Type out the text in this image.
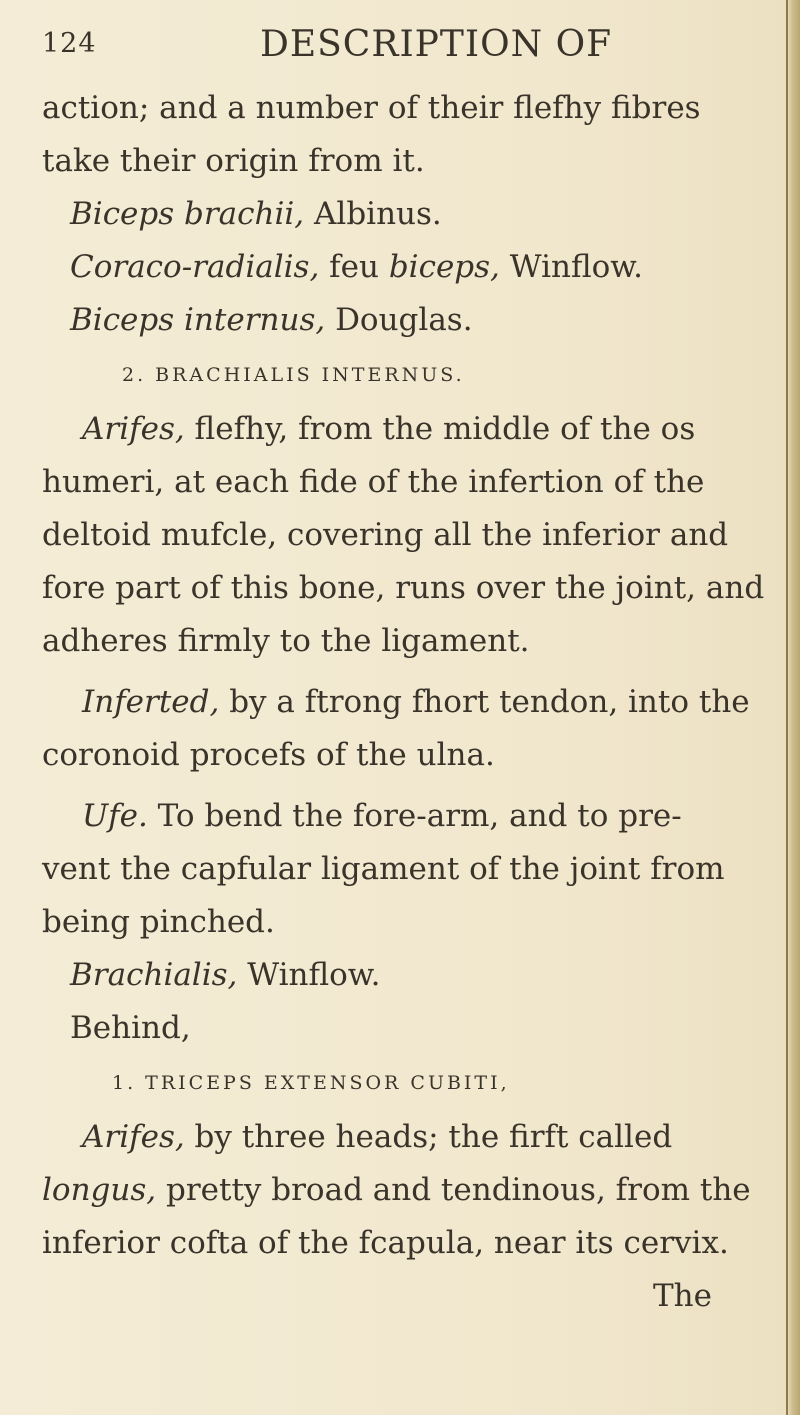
124	DESCRIPTION OF
action; and a number of their flefhy fibres
take their origin from it.
Biceps brachii, Albinus.
Coraco-radialis, feu biceps, Winflow.
Biceps internus, Douglas.
2. BRACHIALIS INTERNUS.
Arifes, flefhy, from the middle of the os
humeri, at each fide of the infertion of the
deltoid mufcle, covering all the inferior and
fore part of this bone, runs over the joint, and
adheres firmly to the ligament.
Inferted, by a ftrong fhort tendon, into the
coronoid procefs of the ulna.
Ufe. To bend the fore-arm, and to pre-
vent the capfular ligament of the joint from
being pinched.
Brachialis, Winflow.
Behind,
1. TRICEPS EXTENSOR CUBITI,
Arifes, by three heads; the firft called
longus, pretty broad and tendinous, from the
inferior cofta of the fcapula, near its cervix.
The
